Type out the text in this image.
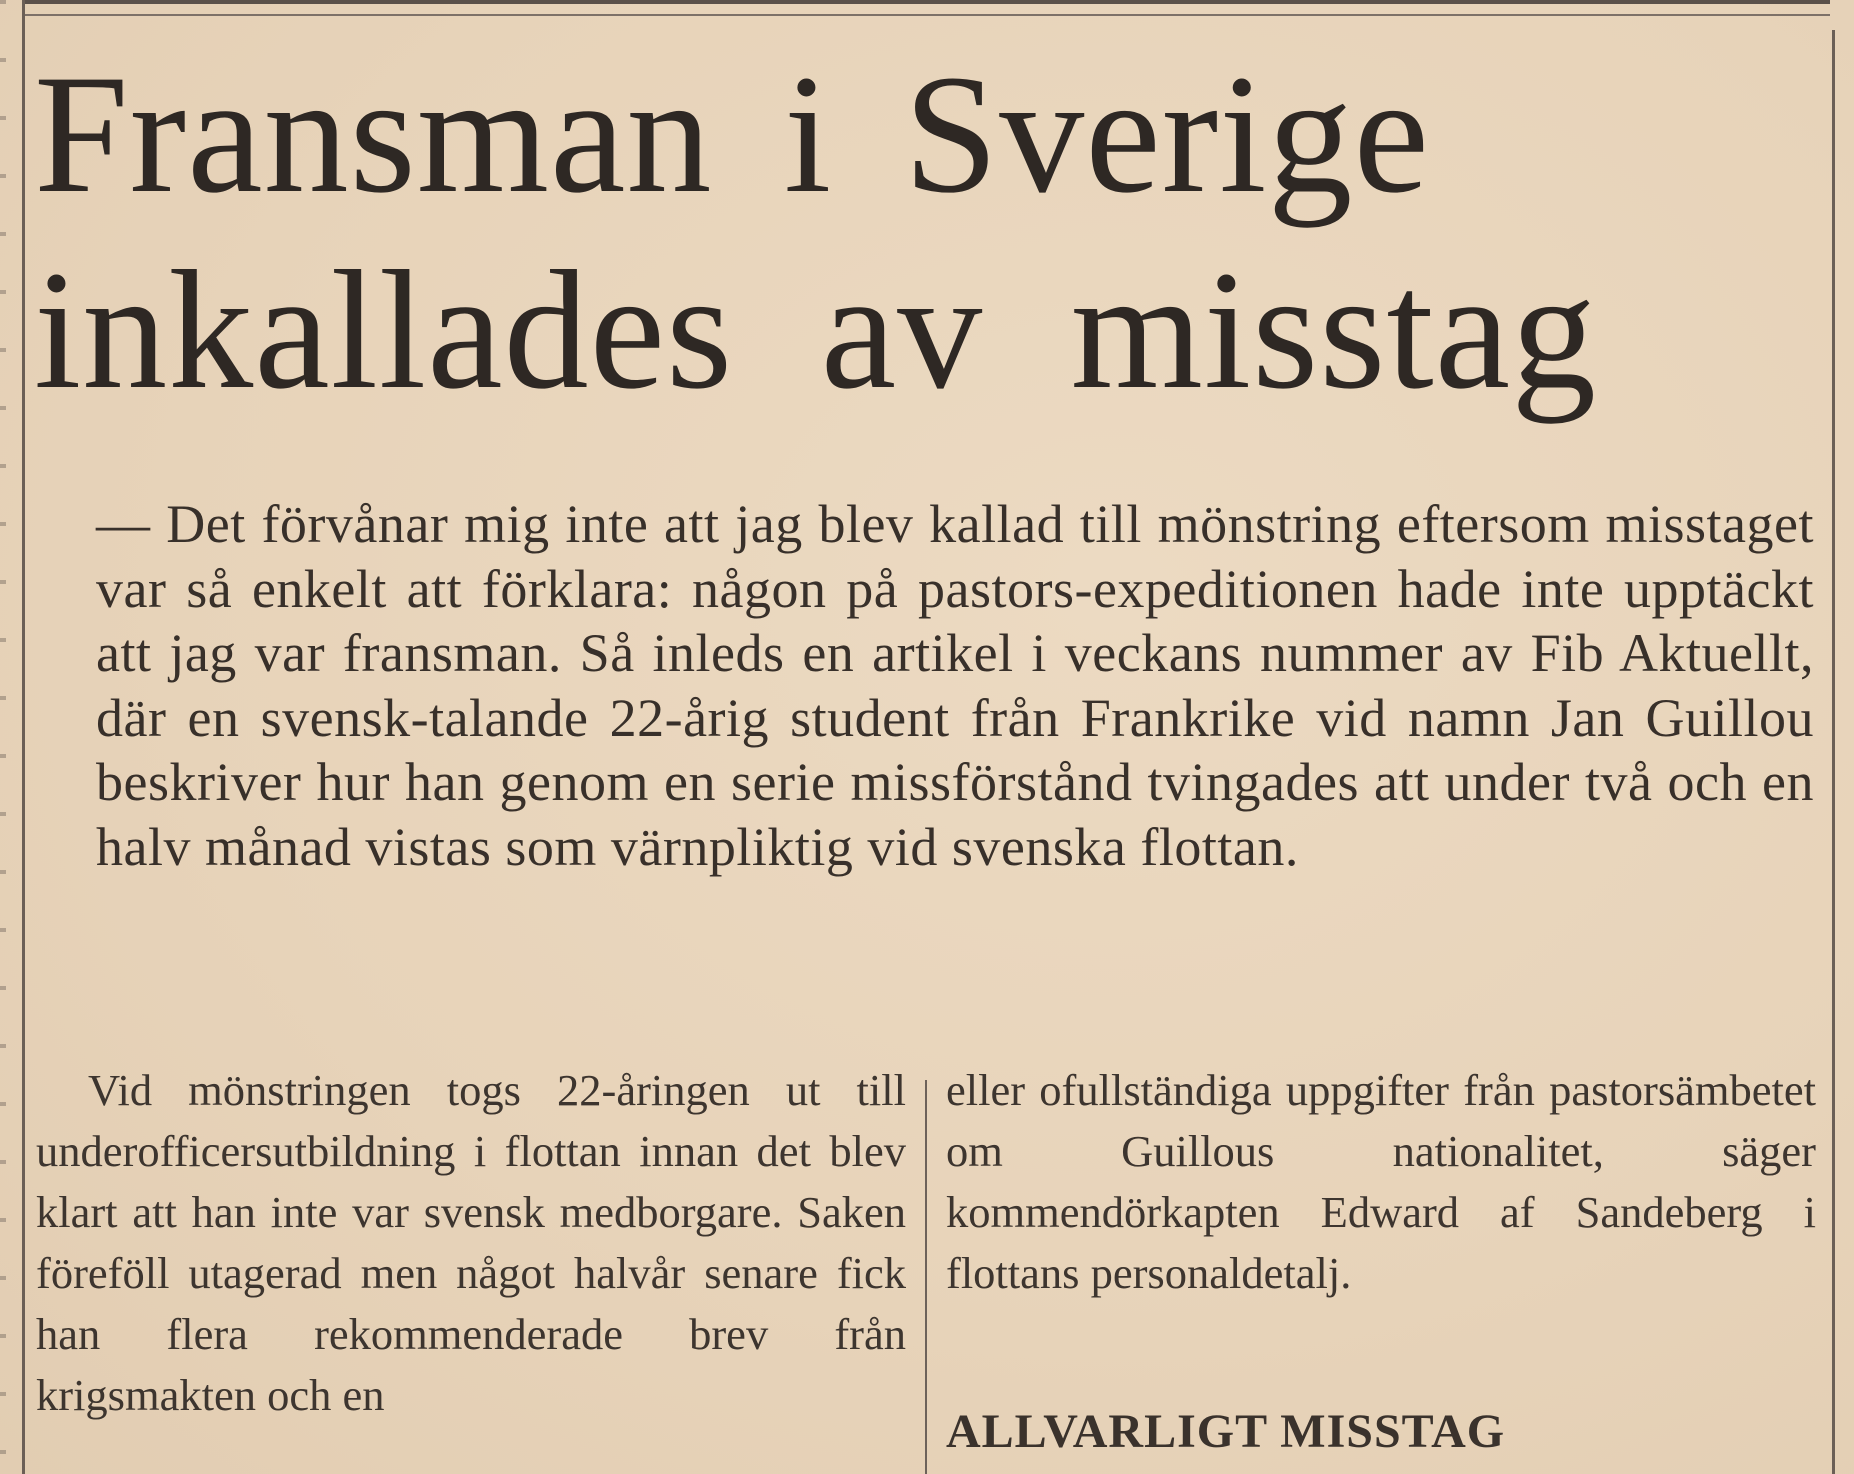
Fransman i Sverige
inkallades av misstag

— Det förvånar mig inte att jag blev kallad till mönstring eftersom misstaget var så enkelt att förklara: någon på pastors-expeditionen hade inte upptäckt att jag var fransman. Så inleds en artikel i veckans nummer av Fib Aktuellt, där en svensk-talande 22-årig student från Frankrike vid namn Jan Guillou beskriver hur han genom en serie missförstånd tvingades att under två och en halv månad vistas som värnpliktig vid svenska flottan.

Vid mönstringen togs 22-åringen ut till underofficersutbildning i flottan innan det blev klart att han inte var svensk medborgare. Saken föreföll utagerad men något halvår senare fick han flera rekommenderade brev från krigsmakten och en

eller ofullständiga uppgifter från pastorsämbetet om Guillous nationalitet, säger kommendörkapten Edward af Sandeberg i flottans personaldetalj.

ALLVARLIGT MISSTAG
